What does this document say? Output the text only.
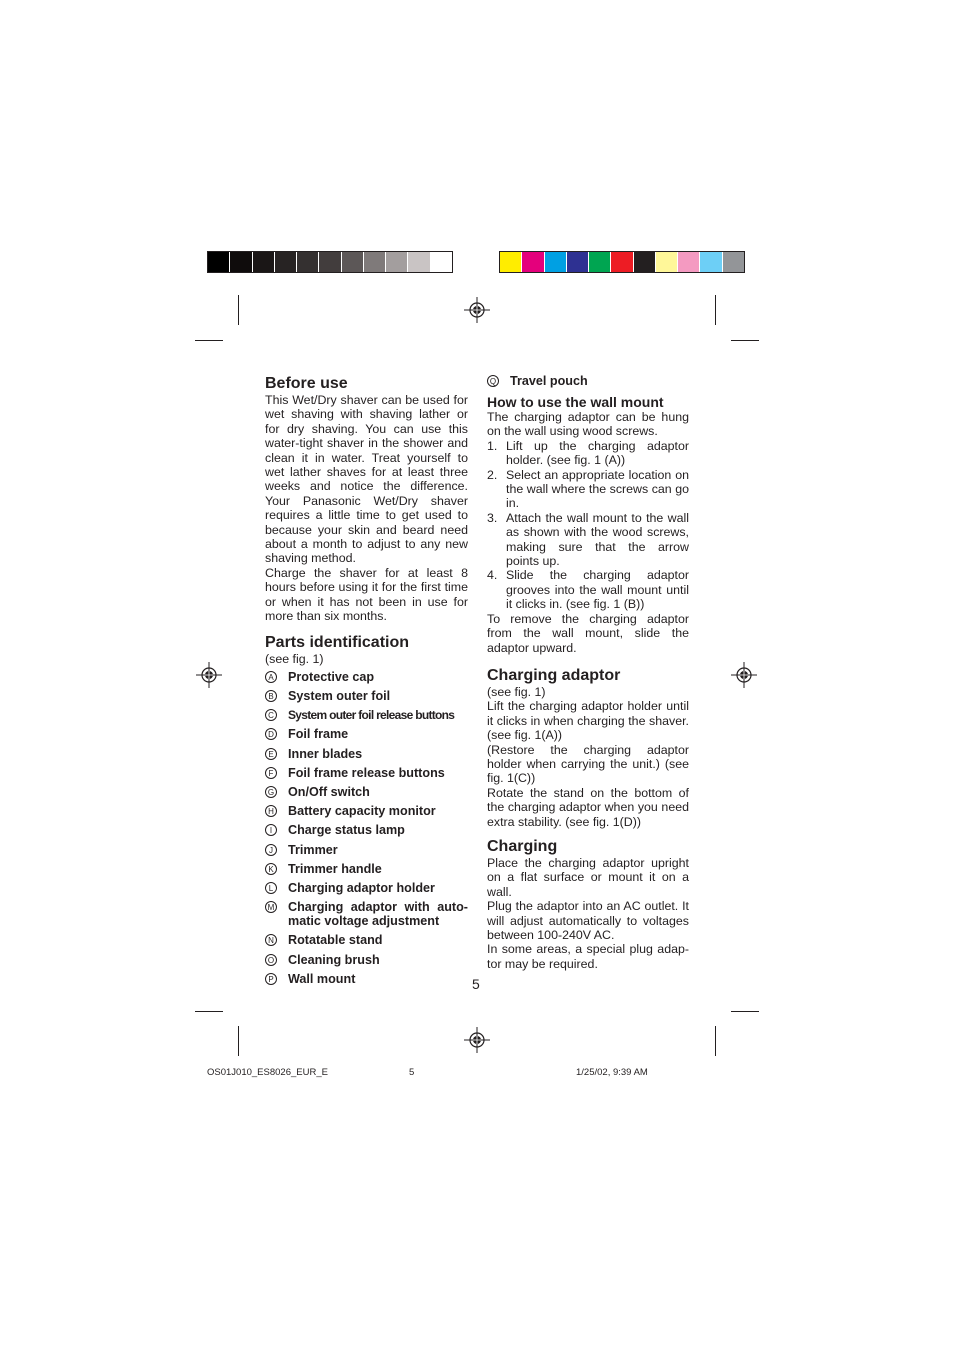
Before use

This Wet/Dry shaver can be used for wet shaving with shaving lather or for dry shaving. You can use this water-tight shaver in the shower and clean it in water. Treat yourself to wet lather shaves for at least three weeks and notice the difference. Your Panasonic Wet/Dry shaver requires a little time to get used to because your skin and beard need about a month to adjust to any new shaving method.

Charge the shaver for at least 8 hours before using it for the first time or when it has not been in use for more than six months.

Parts identification
(see fig. 1)
A Protective cap
B System outer foil
C System outer foil release buttons
D Foil frame
E Inner blades
F Foil frame release buttons
G On/Off switch
H Battery capacity monitor
I	Charge status lamp
J	Trimmer
K Trimmer handle
L	Charging adaptor holder
M Charging adaptor with auto-matic voltage adjustment
N Rotatable stand
O Cleaning brush
P Wall mount
Q Travel pouch
How to use the wall mount

The charging adaptor can be hung on the wall using wood screws.

1. Lift up the charging adaptor holder. (see fig. 1 (A))
2. Select an appropriate location on the wall where the screws can go in.
3. Attach the wall mount to the wall as shown with the wood screws, making sure that the arrow points up.
4. Slide the charging adaptor grooves into the wall mount until it clicks in. (see fig. 1 (B))

To remove the charging adaptor from the wall mount, slide the adaptor upward.

Charging adaptor
(see fig. 1)

Lift the charging adaptor holder until it clicks in when charging the shaver. (see fig. 1(A))

(Restore the charging adaptor holder when carrying the unit.) (see fig. 1(C))

Rotate the stand on the bottom of the charging adaptor when you need extra stability. (see fig. 1(D))

Charging

Place the charging adaptor upright on a flat surface or mount it on a wall.

Plug the adaptor into an AC outlet. It will adjust automatically to voltages between 100-240V AC.

In some areas, a special plug adap-tor may be required.

5
OS01J010_ES8026_EUR_E	5	1/25/02, 9:39 AM
